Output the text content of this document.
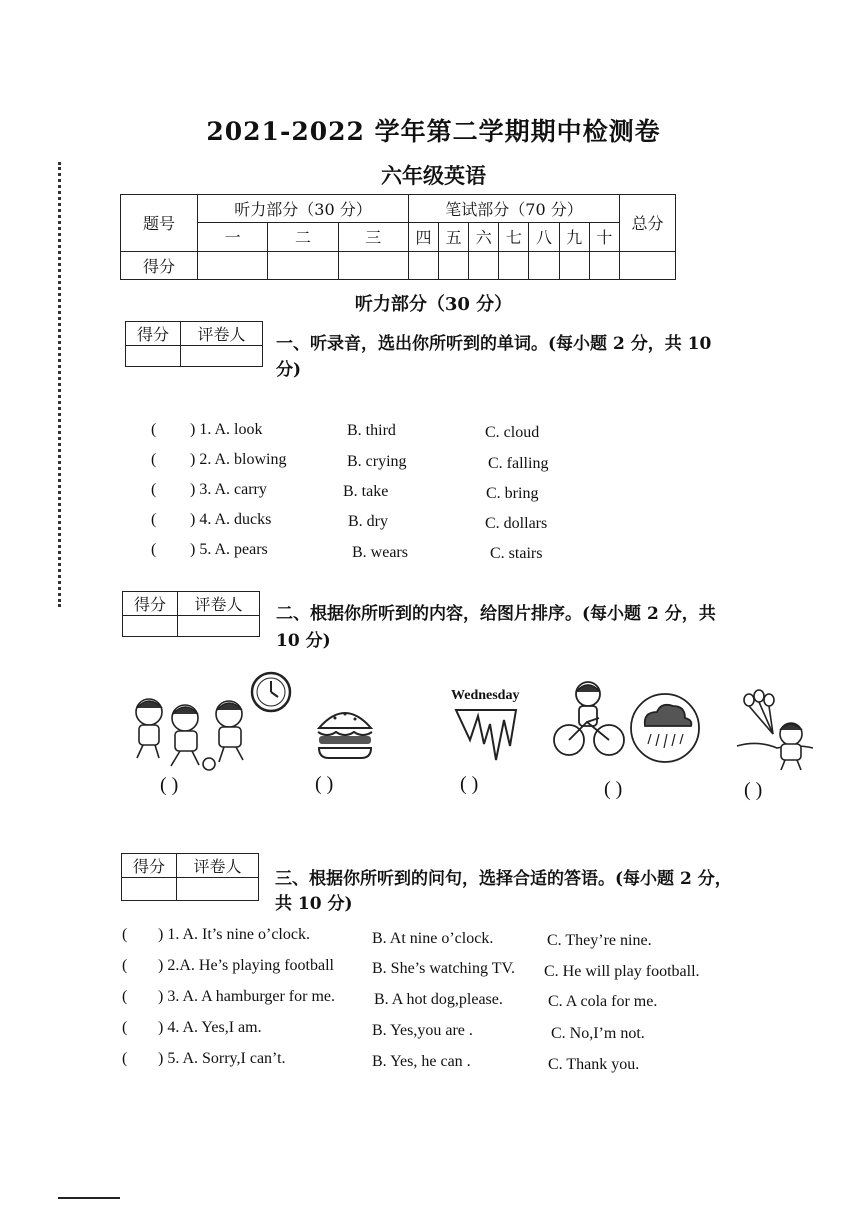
2021-2022 学年第二学期期中检测卷
六年级英语
题号	听力部分（30 分）			笔试部分（70 分）							总分
	一	二	三	四	五	六	七	八	九	十	
得分											
听力部分（30 分）
得分	评卷人
	一、听录音，选出你所听到的单词。(每小题 2 分，共 10
分)
( ) 1. A. look	B. third	C. cloud
( ) 2. A. blowing	B. crying	C. falling
( ) 3. A. carry	B. take	C. bring
( ) 4. A. ducks	B. dry	C. dollars
( ) 5. A. pears	B. wears	C. stairs
得分	评卷人
	二、根据你所听到的内容，给图片排序。(每小题 2 分，共
10 分)
Wednesday
( )	( )	( )	( )	( )
得分	评卷人

三、根据你所听到的问句，选择合适的答语。(每小题 2 分，
共 10 分)
( ) 1. A. It’s nine o’clock.	B. At nine o’clock.	C. They’re nine.
( ) 2.A. He’s playing football B. She’s watching TV. C. He will play football.
( ) 3. A. A hamburger for me. B. A hot dog,please.	C. A cola for me.
( ) 4. A. Yes,I am.	B. Yes,you are .	C. No,I’m not.
( ) 5. A. Sorry,I can’t.	B. Yes, he can .	C. Thank you.
